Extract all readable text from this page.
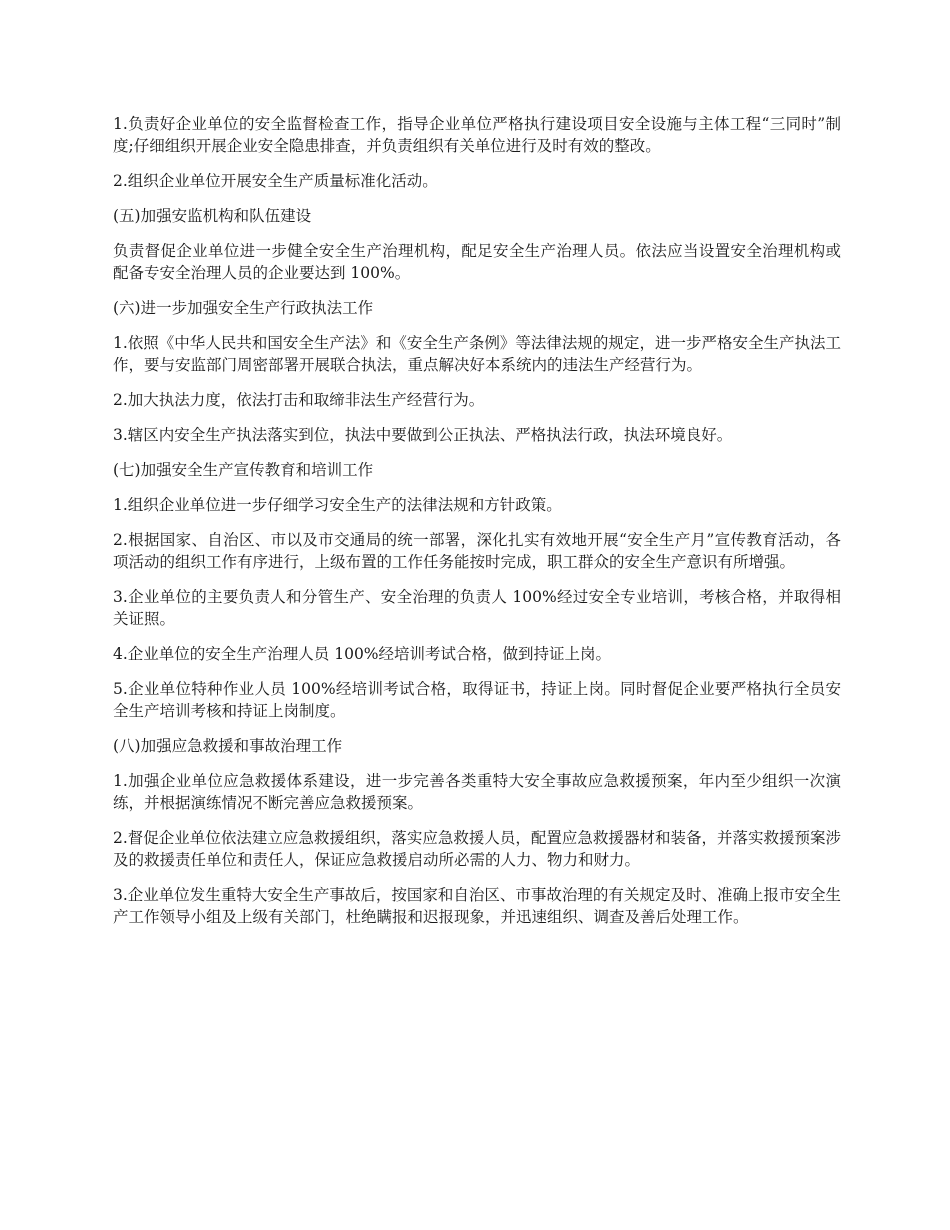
1.负责好企业单位的安全监督检查工作，指导企业单位严格执行建设项目安全设施与主体工程“三同时”制度;仔细组织开展企业安全隐患排查，并负责组织有关单位进行及时有效的整改。

2.组织企业单位开展安全生产质量标准化活动。

(五)加强安监机构和队伍建设

负责督促企业单位进一步健全安全生产治理机构，配足安全生产治理人员。依法应当设置安全治理机构或配备专安全治理人员的企业要达到 100%。

(六)进一步加强安全生产行政执法工作

1.依照《中华人民共和国安全生产法》和《安全生产条例》等法律法规的规定，进一步严格安全生产执法工作，要与安监部门周密部署开展联合执法，重点解决好本系统内的违法生产经营行为。

2.加大执法力度，依法打击和取缔非法生产经营行为。

3.辖区内安全生产执法落实到位，执法中要做到公正执法、严格执法行政，执法环境良好。

(七)加强安全生产宣传教育和培训工作

1.组织企业单位进一步仔细学习安全生产的法律法规和方针政策。

2.根据国家、自治区、市以及市交通局的统一部署，深化扎实有效地开展“安全生产月”宣传教育活动，各项活动的组织工作有序进行，上级布置的工作任务能按时完成，职工群众的安全生产意识有所增强。

3.企业单位的主要负责人和分管生产、安全治理的负责人 100%经过安全专业培训，考核合格，并取得相关证照。

4.企业单位的安全生产治理人员 100%经培训考试合格，做到持证上岗。

5.企业单位特种作业人员 100%经培训考试合格，取得证书，持证上岗。同时督促企业要严格执行全员安全生产培训考核和持证上岗制度。

(八)加强应急救援和事故治理工作

1.加强企业单位应急救援体系建设，进一步完善各类重特大安全事故应急救援预案，年内至少组织一次演练，并根据演练情况不断完善应急救援预案。

2.督促企业单位依法建立应急救援组织，落实应急救援人员，配置应急救援器材和装备，并落实救援预案涉及的救援责任单位和责任人，保证应急救援启动所必需的人力、物力和财力。

3.企业单位发生重特大安全生产事故后，按国家和自治区、市事故治理的有关规定及时、准确上报市安全生产工作领导小组及上级有关部门，杜绝瞒报和迟报现象，并迅速组织、调查及善后处理工作。
